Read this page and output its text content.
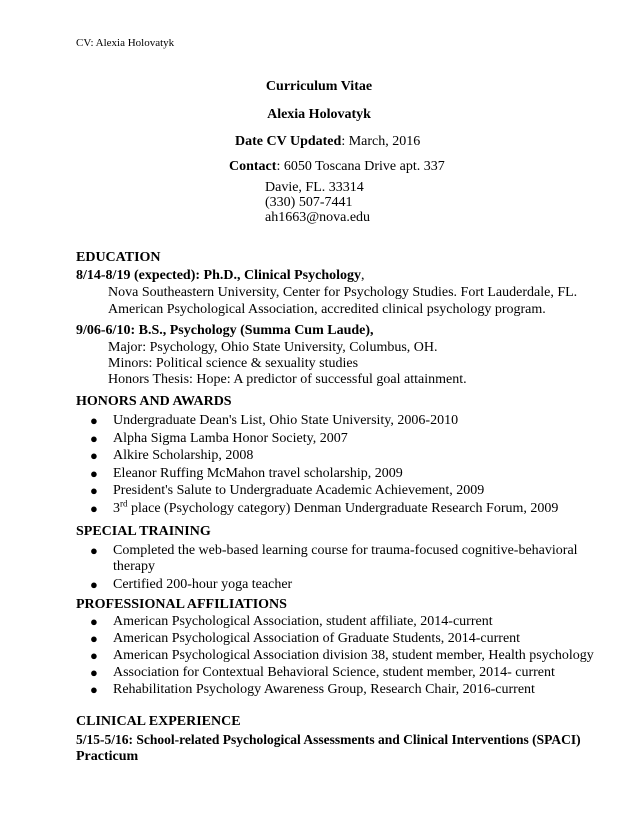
CV: Alexia Holovatyk
Curriculum Vitae
Alexia Holovatyk
Date CV Updated: March, 2016
Contact: 6050 Toscana Drive apt. 337
Davie, FL. 33314
(330) 507-7441
ah1663@nova.edu
EDUCATION
8/14-8/19 (expected): Ph.D., Clinical Psychology,
Nova Southeastern University, Center for Psychology Studies. Fort Lauderdale, FL.
American Psychological Association, accredited clinical psychology program.
9/06-6/10: B.S., Psychology (Summa Cum Laude),
Major: Psychology, Ohio State University, Columbus, OH.
Minors: Political science & sexuality studies
Honors Thesis: Hope: A predictor of successful goal attainment.
HONORS AND AWARDS
● Undergraduate Dean's List, Ohio State University, 2006-2010
● Alpha Sigma Lamba Honor Society, 2007
● Alkire Scholarship, 2008
● Eleanor Ruffing McMahon travel scholarship, 2009
● President's Salute to Undergraduate Academic Achievement, 2009
● 3rd place (Psychology category) Denman Undergraduate Research Forum, 2009
SPECIAL TRAINING
● Completed the web-based learning course for trauma-focused cognitive-behavioral
therapy
● Certified 200-hour yoga teacher
PROFESSIONAL AFFILIATIONS
● American Psychological Association, student affiliate, 2014-current
● American Psychological Association of Graduate Students, 2014-current
● American Psychological Association division 38, student member, Health psychology
● Association for Contextual Behavioral Science, student member, 2014- current
● Rehabilitation Psychology Awareness Group, Research Chair, 2016-current
CLINICAL EXPERIENCE
5/15-5/16: School-related Psychological Assessments and Clinical Interventions (SPACI)
Practicum
